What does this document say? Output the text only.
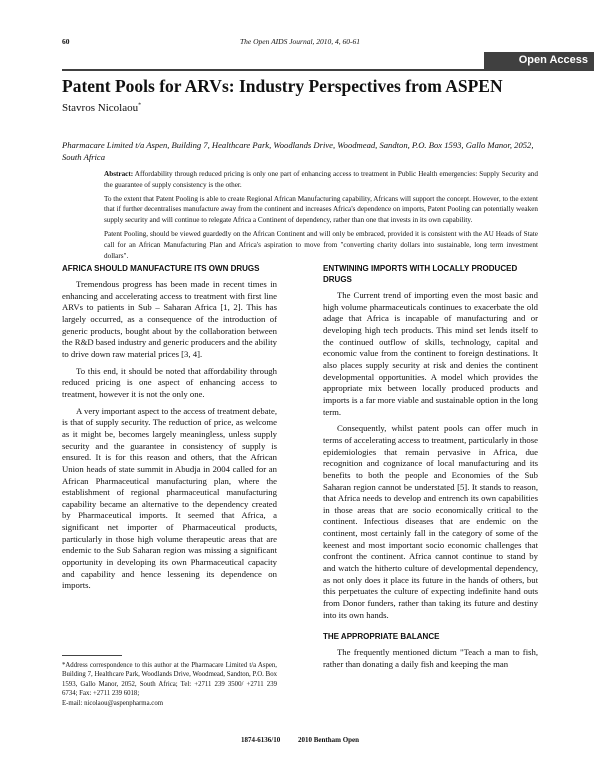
60	The Open AIDS Journal, 2010, 4, 60-61
Open Access
Patent Pools for ARVs: Industry Perspectives from ASPEN
Stavros Nicolaou*
Pharmacare Limited t/a Aspen, Building 7, Healthcare Park, Woodlands Drive, Woodmead, Sandton, P.O. Box 1593, Gallo Manor, 2052, South Africa

Abstract: Affordability through reduced pricing is only one part of enhancing access to treatment in Public Health emergencies: Supply Security and the guarantee of supply consistency is the other.

To the extent that Patent Pooling is able to create Regional African Manufacturing capability, Africans will support the concept. However, to the extent that if further decentralises manufacture away from the continent and increases Africa's dependence on imports, Patent Pooling can potentially weaken supply security and will continue to relegate Africa a Continent of dependency, rather than one that invests in its own capability.

Patent Pooling, should be viewed guardedly on the African Continent and will only be embraced, provided it is consistent with the AU Heads of State call for an African Manufacturing Plan and Africa's aspiration to move from "converting charity dollars into sustainable, long term investment dollars".

AFRICA SHOULD MANUFACTURE ITS OWN DRUGS

Tremendous progress has been made in recent times in enhancing and accelerating access to treatment with first line ARVs to patients in Sub – Saharan Africa [1, 2]. This has largely occurred, as a consequence of the introduction of generic products, bought about by the collaboration between the R&D based industry and generic producers and the ability to drive down raw material prices [3, 4].

To this end, it should be noted that affordability through reduced pricing is one aspect of enhancing access to treatment, however it is not the only one.

A very important aspect to the access of treatment debate, is that of supply security. The reduction of price, as welcome as it might be, becomes largely meaningless, unless supply security and the guarantee in consistency of supply is ensured. It is for this reason and others, that the African Union heads of state summit in Abudja in 2004 called for an African Pharmaceutical manufacturing plan, where the establishment of regional pharmaceutical manufacturing capability became an alternative to the dependency created by Pharmaceutical imports. It seemed that Africa, a significant net importer of Pharmaceutical products, particularly in those high volume therapeutic areas that are endemic to the Sub Saharan region was missing a significant opportunity in developing its own Pharmaceutical capacity and capability and hence lessening its dependence on imports.

*Address correspondence to this author at the Pharmacare Limited t/a Aspen, Building 7, Healthcare Park, Woodlands Drive, Woodmead, Sandton, P.O. Box 1593, Gallo Manor, 2052, South Africa; Tel: +2711 239 3500/ +2711 239 6734; Fax: +2711 239 6018;
E-mail: nicolaou@aspenpharma.com
ENTWINING IMPORTS WITH LOCALLY PRODUCED DRUGS

The Current trend of importing even the most basic and high volume pharmaceuticals continues to exacerbate the old adage that Africa is incapable of manufacturing and or developing high tech products. This mind set lends itself to the continued outflow of skills, technology, capital and economic value from the continent to foreign destinations. It also places supply security at risk and denies the continent developmental opportunities. A model which provides the appropriate mix between locally produced products and imports is a far more viable and sustainable option in the long term.

Consequently, whilst patent pools can offer much in terms of accelerating access to treatment, particularly in those epidemiologies that remain pervasive in Africa, due recognition and cognizance of local manufacturing and its benefits to both the people and Economies of the Sub Saharan region cannot be understated [5]. It stands to reason, that Africa needs to develop and entrench its own capabilities in those areas that are socio economically critical to the continent. Infectious diseases that are endemic on the continent, most certainly fall in the category of some of the keenest and most important socio economic challenges that confront the continent. Africa cannot continue to stand by and watch the hitherto culture of developmental dependency, as not only does it place its future in the hands of others, but this perpetuates the culture of expecting indefinite hand outs from Donor funders, rather than taking its future and destiny into its own hands.

THE APPROPRIATE BALANCE

The frequently mentioned dictum "Teach a man to fish, rather than donating a daily fish and keeping the man

1874-6136/10	2010 Bentham Open
